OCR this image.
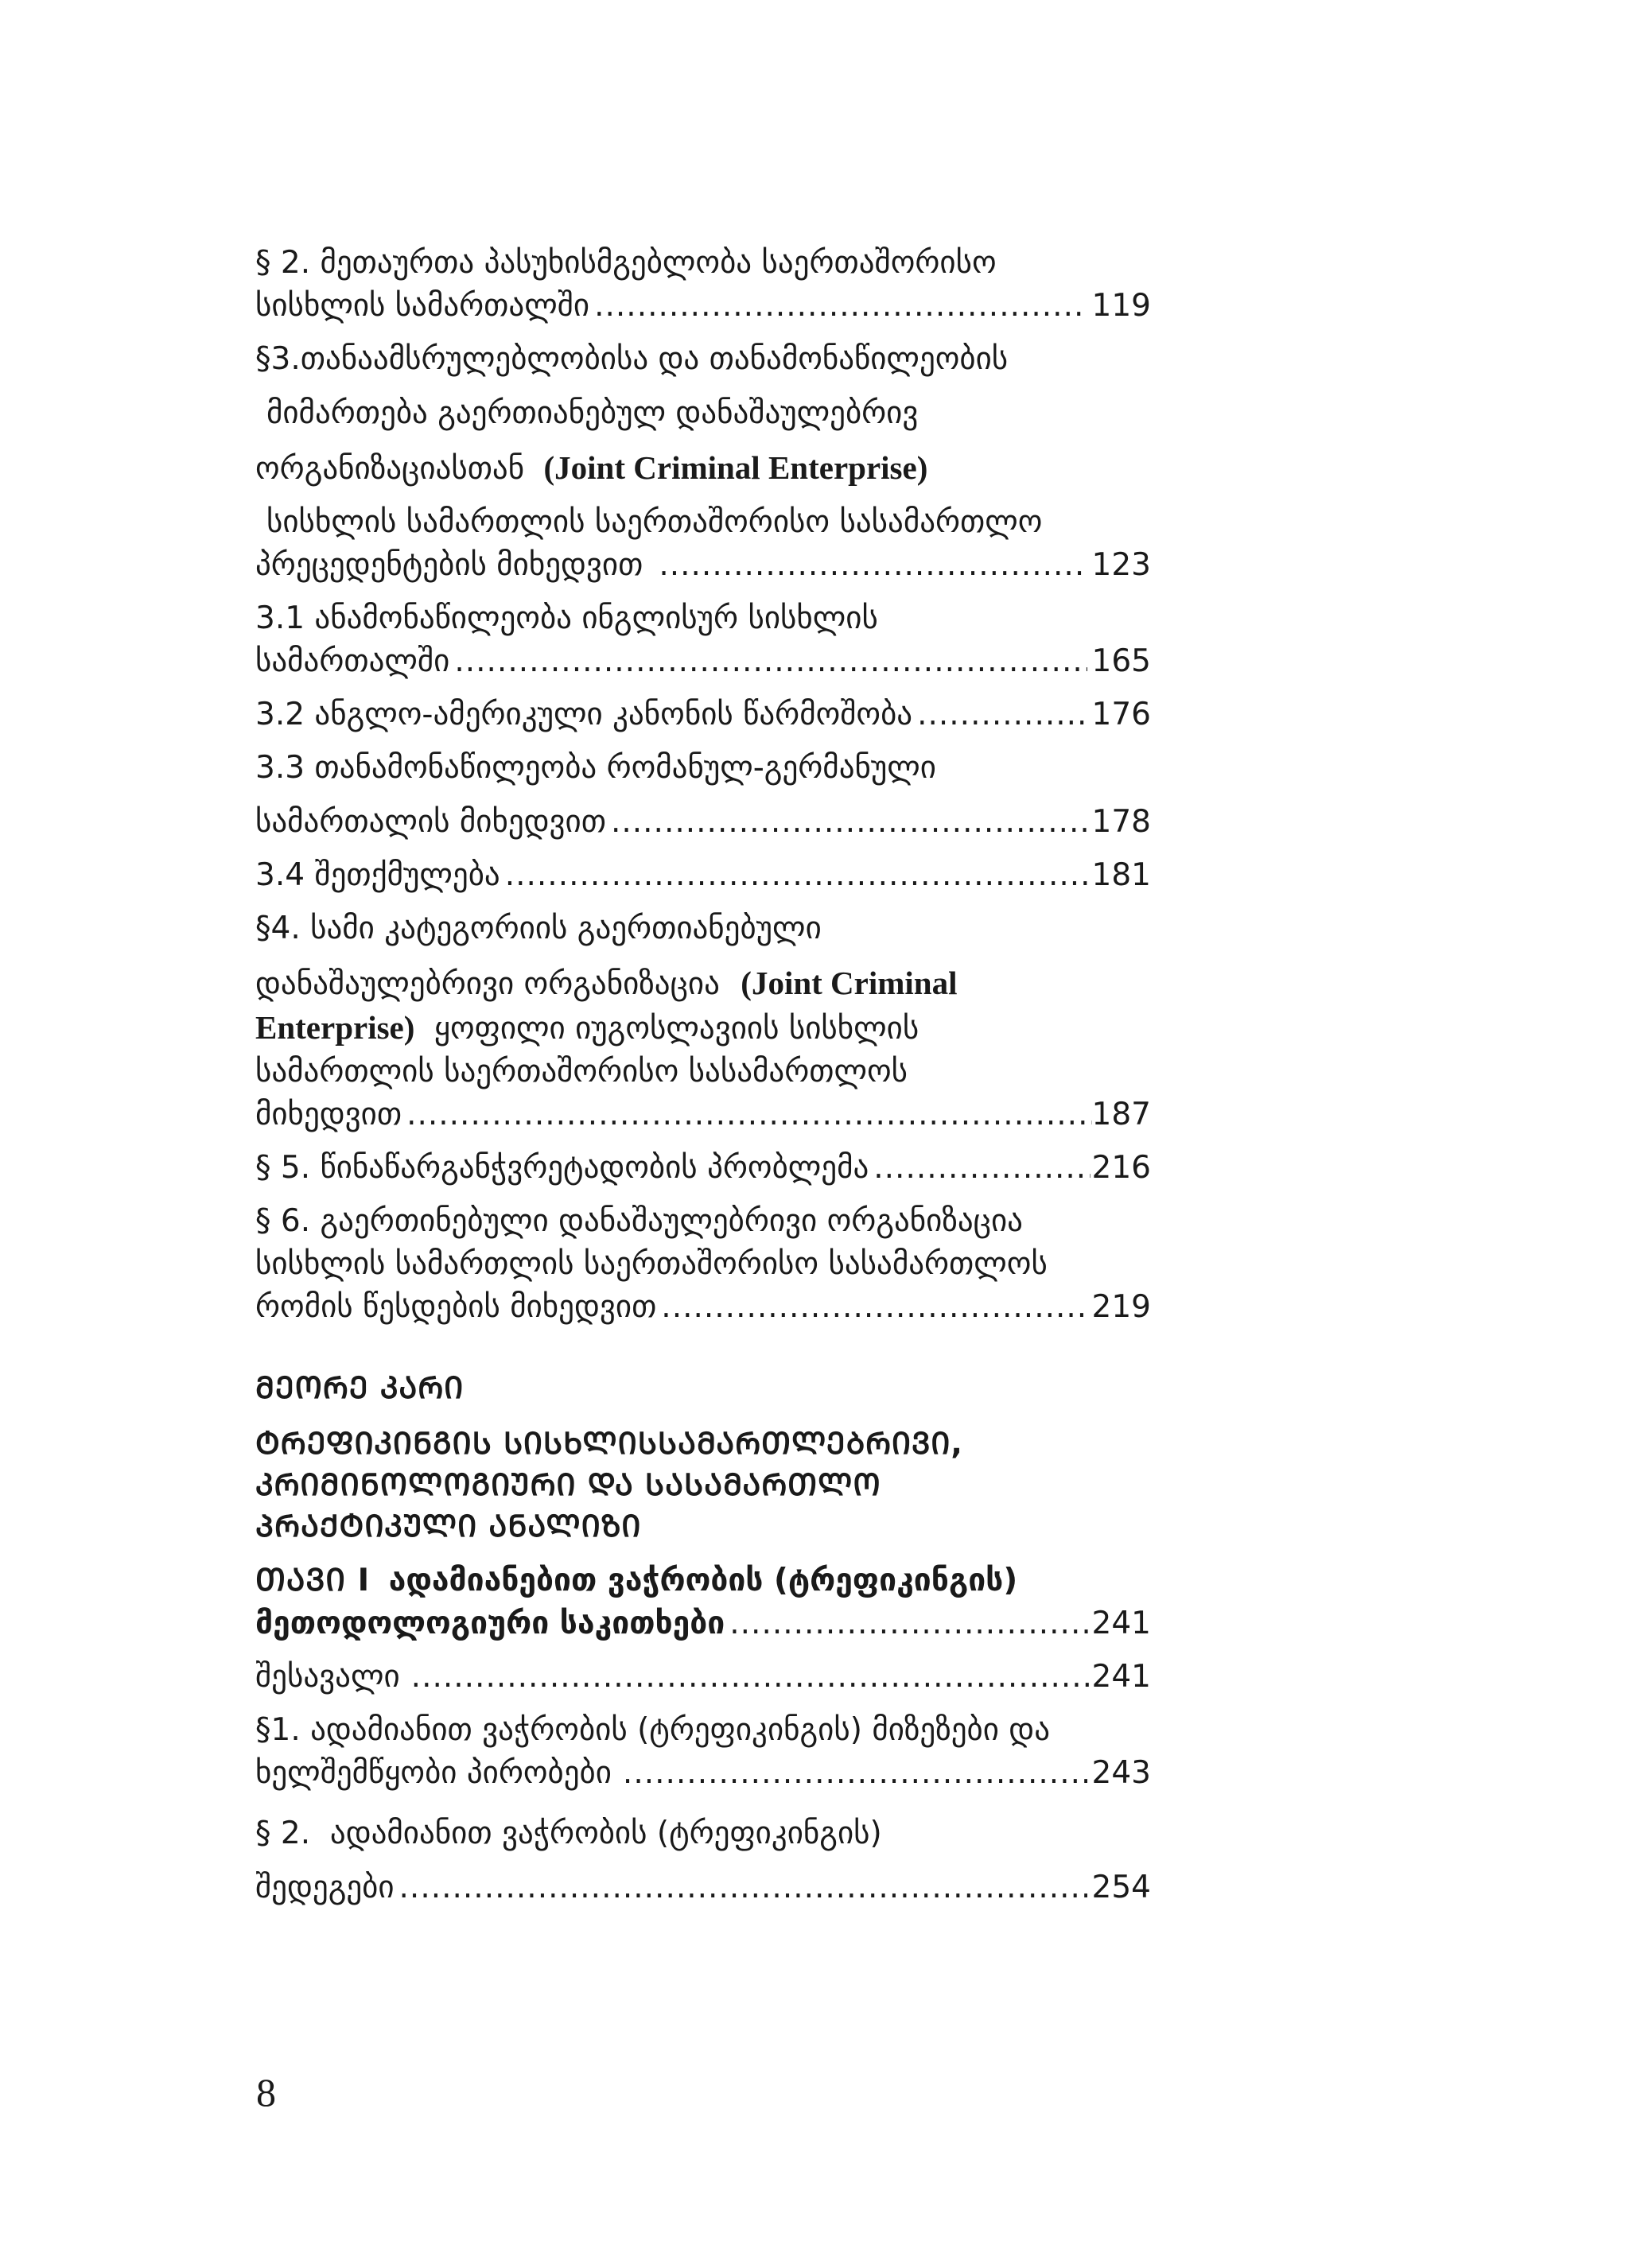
§ 2. მეთაურთა პასუხისმგებლობა საერთაშორისო
სისხლის სამართალში .....	119
§3.თანაამსრულებლობისა და თანამონაწილეობის
მიმართება გაერთიანებულ დანაშაულებრივ
ორგანიზაციასთან (Joint Criminal Enterprise)
სისხლის სამართლის საერთაშორისო სასამართლო
პრეცედენტების მიხედვით .....	123
3.1 ანამონაწილეობა ინგლისურ სისხლის
სამართალში .....	165
3.2 ანგლო-ამერიკული კანონის წარმოშობა .....	176
3.3 თანამონაწილეობა რომანულ-გერმანული
სამართალის მიხედვით .....	178
3.4 შეთქმულება .....	181
§4. სამი კატეგორიის გაერთიანებული
დანაშაულებრივი ორგანიზაცია (Joint Criminal
Enterprise) ყოფილი იუგოსლავიის სისხლის
სამართლის საერთაშორისო სასამართლოს
მიხედვით .....	187
§ 5. წინაწარგანჭვრეტადობის პრობლემა .....	216
§ 6. გაერთინებული დანაშაულებრივი ორგანიზაცია
სისხლის სამართლის საერთაშორისო სასამართლოს
რომის წესდების მიხედვით .....	219
ᲛᲔᲝᲠᲔ ᲙᲐᲠᲘ
ᲢᲠᲔᲤᲘᲙᲘᲜᲒᲘᲡ ᲡᲘᲡᲮᲚᲘᲡᲡᲐᲛᲐᲠᲗᲚᲔᲑᲠᲘᲕᲘ,
ᲙᲠᲘᲛᲘᲜᲝᲚᲝᲒᲘᲣᲠᲘ ᲓᲐ ᲡᲐᲡᲐᲛᲐᲠᲗᲚᲝ
ᲞᲠᲐᲥᲢᲘᲙᲣᲚᲘ ᲐᲜᲐᲚᲘᲖᲘ
ᲗᲐᲕᲘ I ადამიანებით ვაჭრობის (ტრეფიკინგის)
მეთოდოლოგიური საკითხები .....	241
შესავალი .....	241
§1. ადამიანით ვაჭრობის (ტრეფიკინგის) მიზეზები და
ხელშემწყობი პირობები .....	243
§ 2.  ადამიანით ვაჭრობის (ტრეფიკინგის)
შედეგები .....	254
8
